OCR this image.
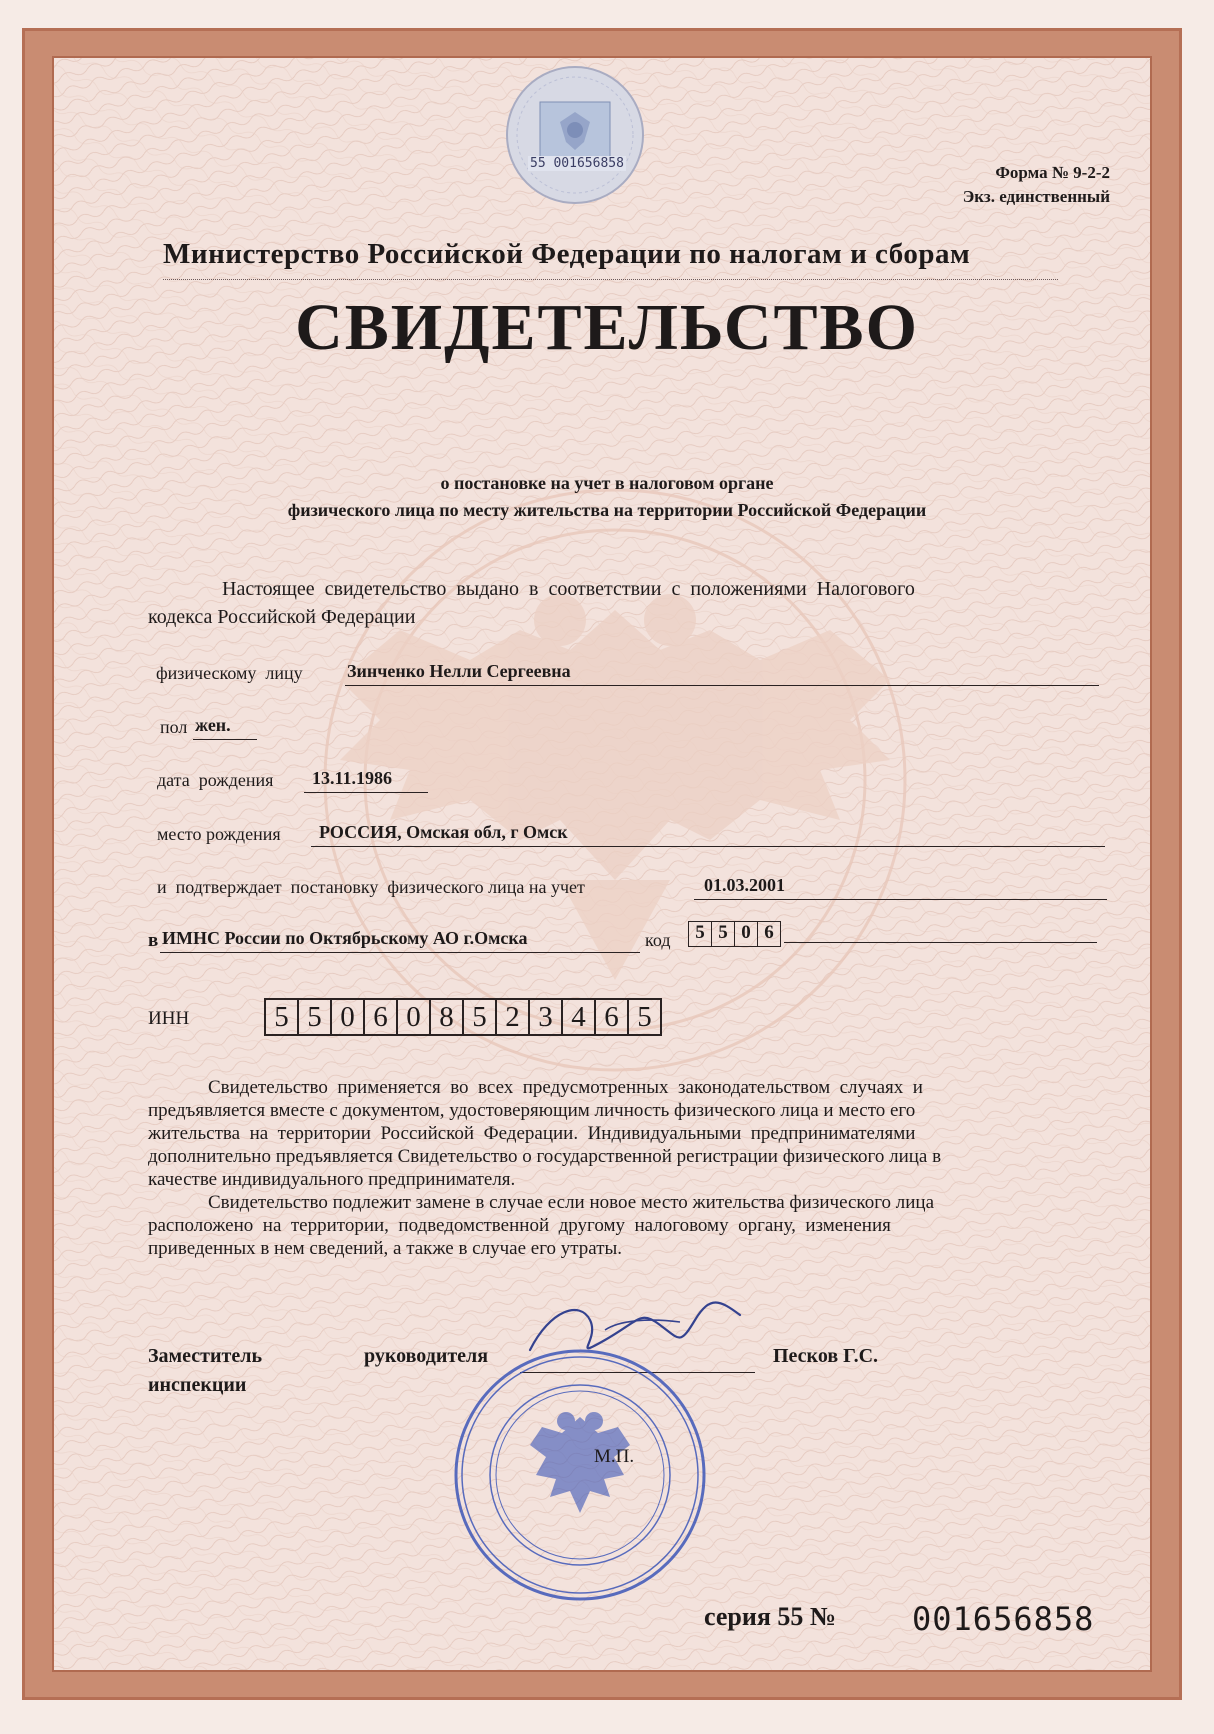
55 001656858	Форма № 9-2-2
Экз. единственный
Министерство Российской Федерации по налогам и сборам
СВИДЕТЕЛЬСТВО
о постановке на учет в налоговом органе
физического лица по месту жительства на территории Российской Федерации
Настоящее  свидетельство  выдано  в  соответствии  с  положениями  Налогового
кодекса Российской Федерации
физическому  лицу Зинченко Нелли Сергеевна
пол жен.
дата  рождения	13.11.1986
место рождения	РОССИЯ, Омская обл, г Омск
и  подтверждает  постановку  физического лица на учет	01.03.2001
в ИМНС России по Октябрьскому АО г.Омска	код	5 5 0 6
ИНН	5 5 0 6 0 8 5 2 3 4 6 5
Свидетельство  применяется  во  всех  предусмотренных  законодательством  случаях  и
предъявляется вместе с документом, удостоверяющим личность физического лица и место его
жительства  на  территории  Российской  Федерации.  Индивидуальными  предпринимателями
дополнительно предъявляется Свидетельство о государственной регистрации физического лица в
качестве индивидуального предпринимателя.
Свидетельство подлежит замене в случае если новое место жительства физического лица
расположено  на  территории,  подведомственной  другому  налоговому  органу,  изменения
приведенных в нем сведений, а также в случае его утраты.
Заместитель	руководителя
инспекции
Песков Г.С.
М.П.
серия 55 № 001656858
